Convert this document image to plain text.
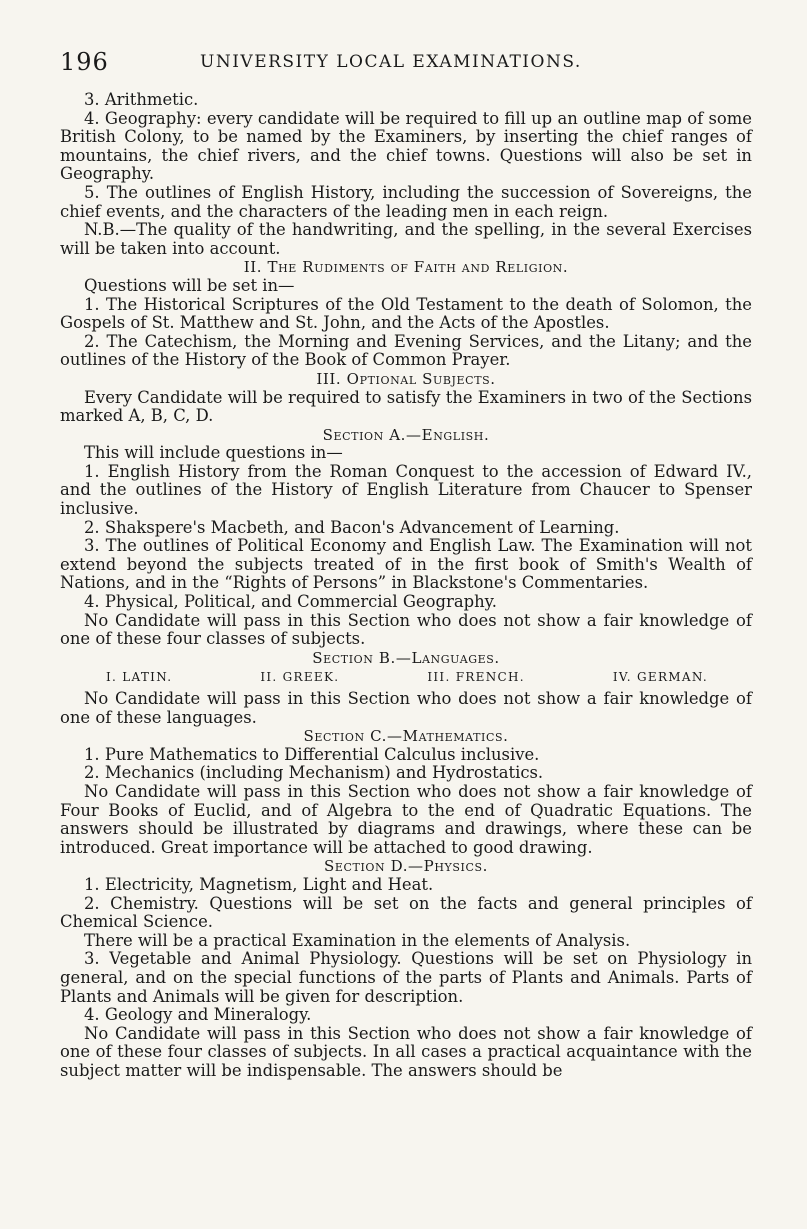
196	UNIVERSITY LOCAL EXAMINATIONS.

3. Arithmetic.

4. Geography: every candidate will be required to fill up an outline map of some British Colony, to be named by the Examiners, by inserting the chief ranges of mountains, the chief rivers, and the chief towns. Questions will also be set in Geography.

5. The outlines of English History, including the succession of Sovereigns, the chief events, and the characters of the leading men in each reign.

N.B.—The quality of the handwriting, and the spelling, in the several Exercises will be taken into account.

II. The Rudiments of Faith and Religion.

Questions will be set in—

1. The Historical Scriptures of the Old Testament to the death of Solomon, the Gospels of St. Matthew and St. John, and the Acts of the Apostles.

2. The Catechism, the Morning and Evening Services, and the Litany; and the outlines of the History of the Book of Common Prayer.

III. Optional Subjects.

Every Candidate will be required to satisfy the Examiners in two of the Sections marked A, B, C, D.

Section A.—English.

This will include questions in—

1. English History from the Roman Conquest to the accession of Edward IV., and the outlines of the History of English Literature from Chaucer to Spenser inclusive.

2. Shakspere's Macbeth, and Bacon's Advancement of Learning.

3. The outlines of Political Economy and English Law. The Examination will not extend beyond the subjects treated of in the first book of Smith's Wealth of Nations, and in the “Rights of Persons” in Blackstone's Commentaries.

4. Physical, Political, and Commercial Geography.

No Candidate will pass in this Section who does not show a fair knowledge of one of these four classes of subjects.

Section B.—Languages.

I. LATIN.	II. GREEK.	III. FRENCH.	IV. GERMAN.

No Candidate will pass in this Section who does not show a fair knowledge of one of these languages.

Section C.—Mathematics.

1. Pure Mathematics to Differential Calculus inclusive.

2. Mechanics (including Mechanism) and Hydrostatics.

No Candidate will pass in this Section who does not show a fair knowledge of Four Books of Euclid, and of Algebra to the end of Quadratic Equations. The answers should be illustrated by diagrams and drawings, where these can be introduced. Great importance will be attached to good drawing.

Section D.—Physics.

1. Electricity, Magnetism, Light and Heat.

2. Chemistry. Questions will be set on the facts and general principles of Chemical Science.

There will be a practical Examination in the elements of Analysis.

3. Vegetable and Animal Physiology. Questions will be set on Physiology in general, and on the special functions of the parts of Plants and Animals. Parts of Plants and Animals will be given for description.

4. Geology and Mineralogy.

No Candidate will pass in this Section who does not show a fair knowledge of one of these four classes of subjects. In all cases a practical acquaintance with the subject matter will be indispensable. The answers should be
